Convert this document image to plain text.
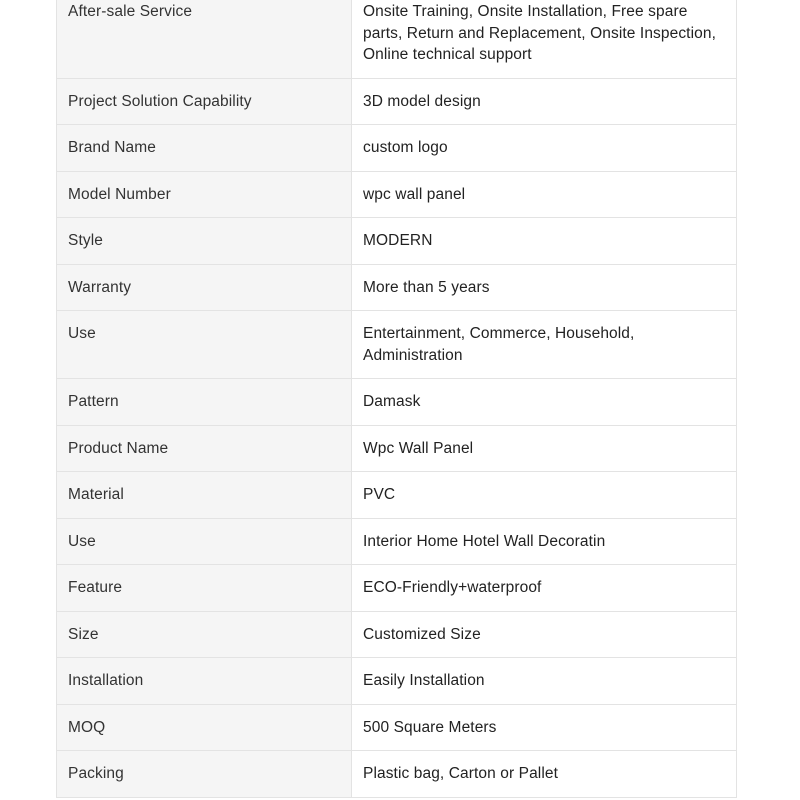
After-sale Service	Onsite Training, Onsite Installation, Free spare parts, Return and Replacement, Onsite Inspection, Online technical support
Project Solution Capability	3D model design
Brand Name	custom logo
Model Number	wpc wall panel
Style	MODERN
Warranty	More than 5 years
Use	Entertainment, Commerce, Household, Administration
Pattern	Damask
Product Name	Wpc Wall Panel
Material	PVC
Use	Interior Home Hotel Wall Decoratin
Feature	ECO-Friendly+waterproof
Size	Customized Size
Installation	Easily Installation
MOQ	500 Square Meters
Packing	Plastic bag, Carton or Pallet
